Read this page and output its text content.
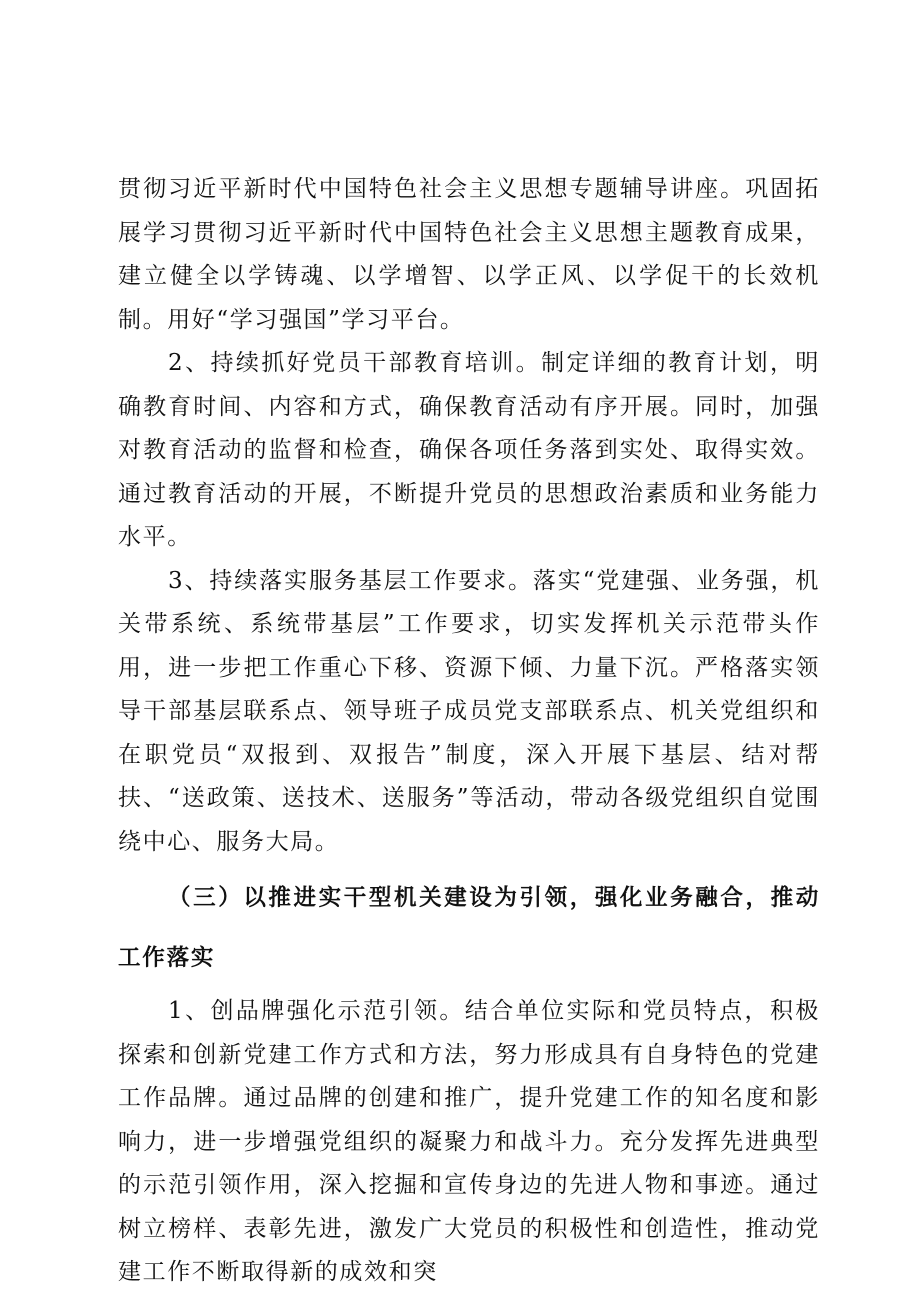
贯彻习近平新时代中国特色社会主义思想专题辅导讲座。巩固拓展学习贯彻习近平新时代中国特色社会主义思想主题教育成果，建立健全以学铸魂、以学增智、以学正风、以学促干的长效机制。用好“学习强国”学习平台。

2、持续抓好党员干部教育培训。制定详细的教育计划，明确教育时间、内容和方式，确保教育活动有序开展。同时，加强对教育活动的监督和检查，确保各项任务落到实处、取得实效。通过教育活动的开展，不断提升党员的思想政治素质和业务能力水平。

3、持续落实服务基层工作要求。落实“党建强、业务强，机关带系统、系统带基层”工作要求，切实发挥机关示范带头作用，进一步把工作重心下移、资源下倾、力量下沉。严格落实领导干部基层联系点、领导班子成员党支部联系点、机关党组织和在职党员“双报到、双报告”制度，深入开展下基层、结对帮扶、“送政策、送技术、送服务”等活动，带动各级党组织自觉围绕中心、服务大局。

（三）以推进实干型机关建设为引领，强化业务融合，推动工作落实

1、创品牌强化示范引领。结合单位实际和党员特点，积极探索和创新党建工作方式和方法，努力形成具有自身特色的党建工作品牌。通过品牌的创建和推广，提升党建工作的知名度和影响力，进一步增强党组织的凝聚力和战斗力。充分发挥先进典型的示范引领作用，深入挖掘和宣传身边的先进人物和事迹。通过树立榜样、表彰先进，激发广大党员的积极性和创造性，推动党建工作不断取得新的成效和突
